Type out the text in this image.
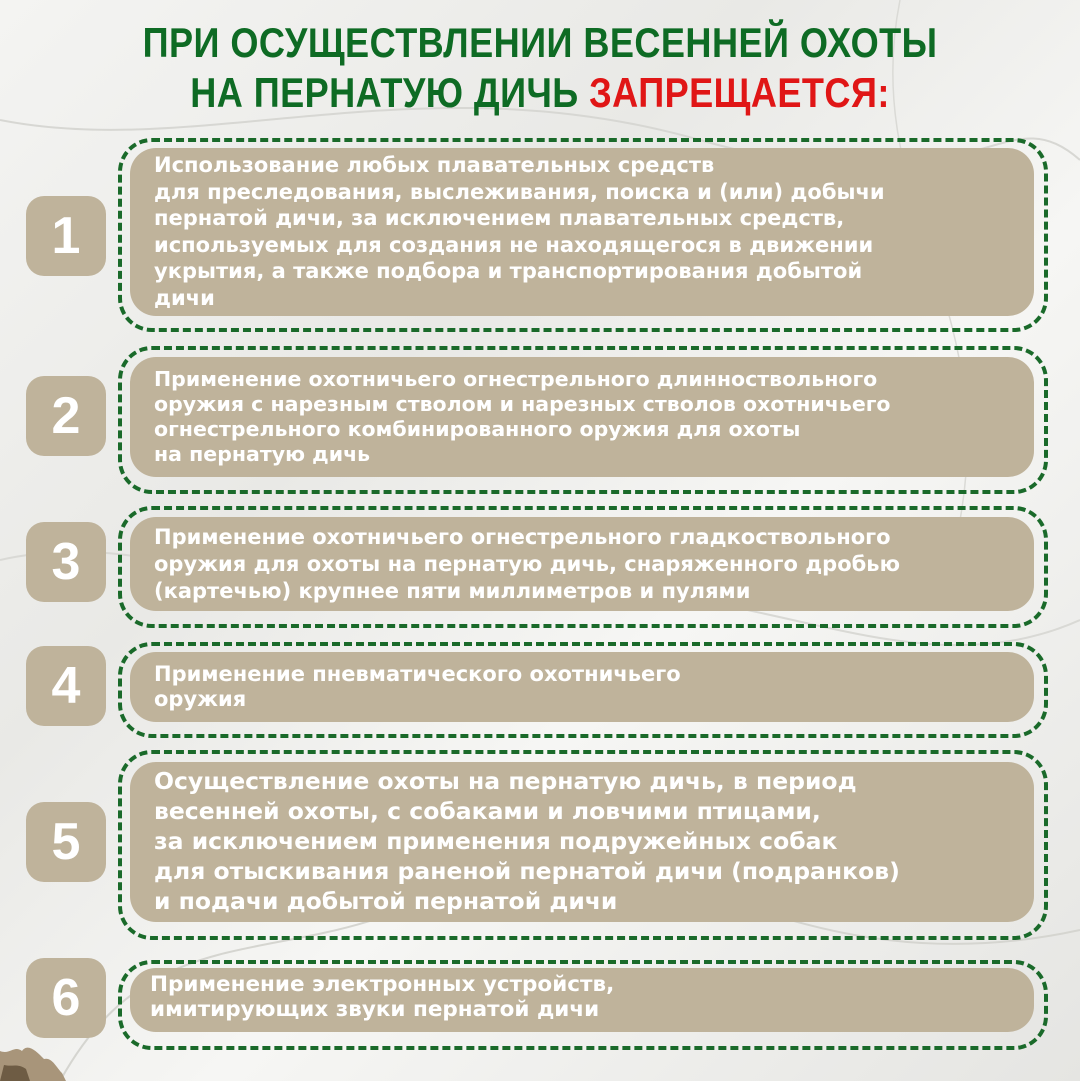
ПРИ ОСУЩЕСТВЛЕНИИ ВЕСЕННЕЙ ОХОТЫ
НА ПЕРНАТУЮ ДИЧЬ ЗАПРЕЩАЕТСЯ:
1
Использование любых плавательных средств
для преследования, выслеживания, поиска и (или) добычи
пернатой дичи, за исключением плавательных средств,
используемых для создания не находящегося в движении
укрытия, а также подбора и транспортирования добытой
дичи
2
Применение охотничьего огнестрельного длинноствольного
оружия с нарезным стволом и нарезных стволов охотничьего
огнестрельного комбинированного оружия для охоты
на пернатую дичь
3	Применение охотничьего огнестрельного гладкоствольного
оружия для охоты на пернатую дичь, снаряженного дробью
(картечью) крупнее пяти миллиметров и пулями
4	Применение пневматического охотничьего
оружия
5
Осуществление охоты на пернатую дичь, в период
весенней охоты, с собаками и ловчими птицами,
за исключением применения подружейных собак
для отыскивания раненой пернатой дичи (подранков)
и подачи добытой пернатой дичи
6	Применение электронных устройств,
имитирующих звуки пернатой дичи
